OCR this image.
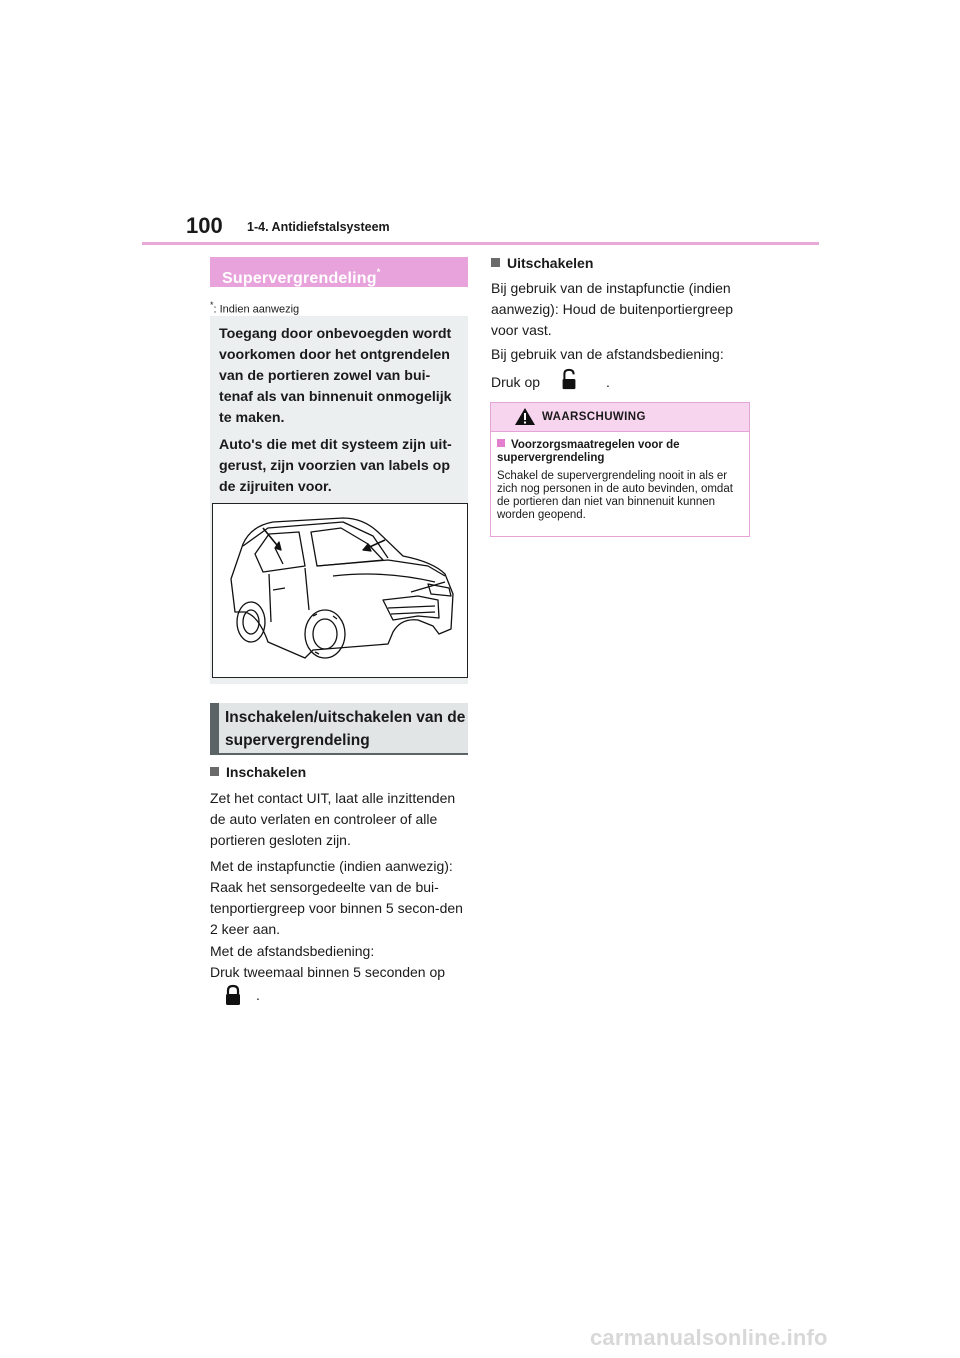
100 1-4. Antidiefstalsysteem
Supervergrendeling*
*: Indien aanwezig

Toegang door onbevoegden wordt voorkomen door het ontgrendelen van de portieren zowel van bui-tenaf als van binnenuit onmogelijk te maken.

Auto's die met dit systeem zijn uit-gerust, zijn voorzien van labels op de zijruiten voor.

Inschakelen/uitschakelen van de supervergrendeling
Inschakelen

Zet het contact UIT, laat alle inzittenden de auto verlaten en controleer of alle portieren gesloten zijn.

Met de instapfunctie (indien aanwezig): Raak het sensorgedeelte van de bui-tenportiergreep voor binnen 5 secon-den 2 keer aan.

Met de afstandsbediening:

Druk tweemaal binnen 5 seconden op

.
Uitschakelen

Bij gebruik van de instapfunctie (indien aanwezig): Houd de buitenportiergreep voor vast.

Bij gebruik van de afstandsbediening:

Druk op	.
WAARSCHUWING
Voorzorgsmaatregelen voor de supervergrendeling
Schakel de supervergrendeling nooit in als er zich nog personen in de auto bevinden, omdat de portieren dan niet van binnenuit kunnen worden geopend.
carmanualsonline.info
